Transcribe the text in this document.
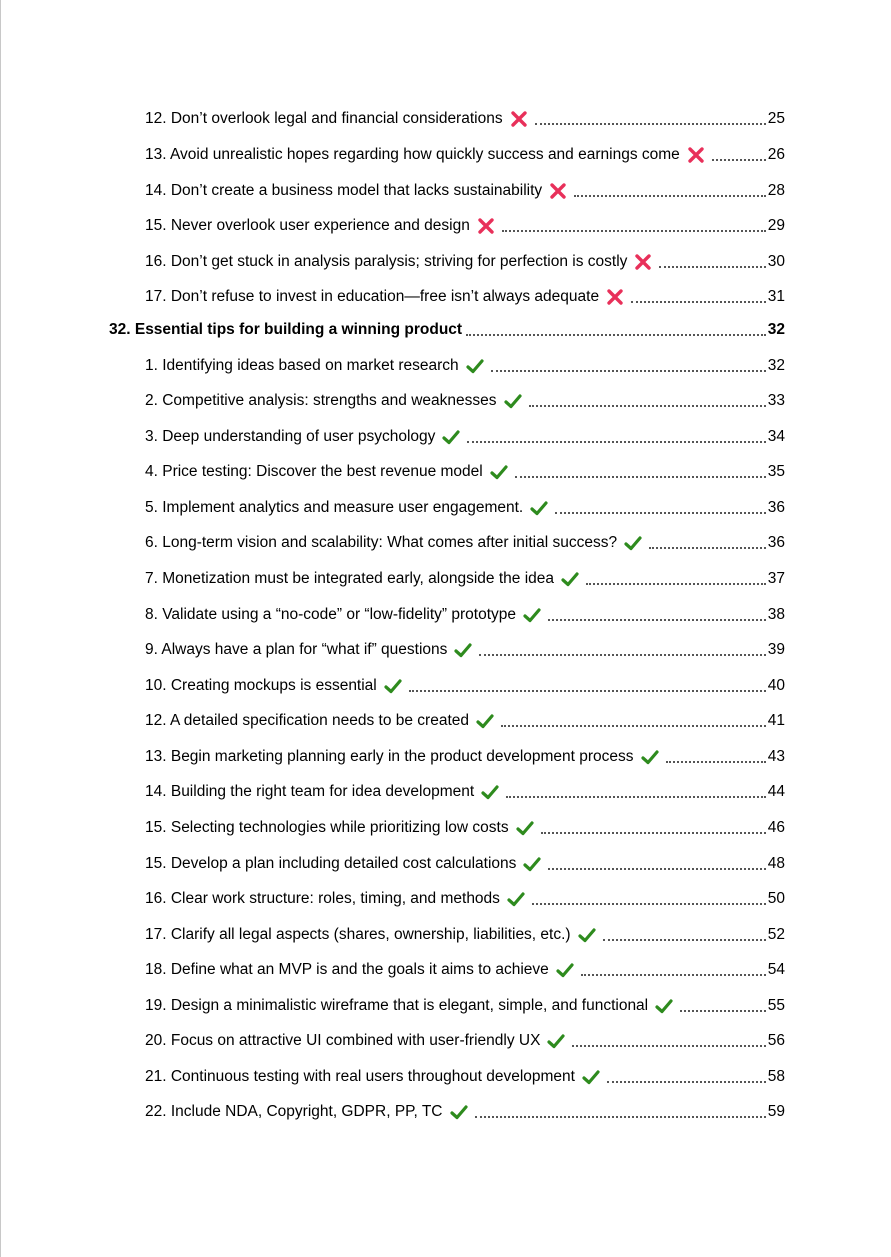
12. Don’t overlook legal and financial considerations	25
13. Avoid unrealistic hopes regarding how quickly success and earnings come	26
14. Don’t create a business model that lacks sustainability	28
15. Never overlook user experience and design	29
16. Don’t get stuck in analysis paralysis; striving for perfection is costly	30
17. Don’t refuse to invest in education—free isn’t always adequate	31
32. Essential tips for building a winning product	32
1. Identifying ideas based on market research	32
2. Competitive analysis: strengths and weaknesses	33
3. Deep understanding of user psychology	34
4. Price testing: Discover the best revenue model	35
5. Implement analytics and measure user engagement.	36
6. Long-term vision and scalability: What comes after initial success?	36
7. Monetization must be integrated early, alongside the idea	37
8. Validate using a “no-code” or “low-fidelity” prototype	38
9. Always have a plan for “what if” questions	39
10. Creating mockups is essential	40
12. A detailed specification needs to be created	41
13. Begin marketing planning early in the product development process	43
14. Building the right team for idea development	44
15. Selecting technologies while prioritizing low costs	46
15. Develop a plan including detailed cost calculations	48
16. Clear work structure: roles, timing, and methods	50
17. Clarify all legal aspects (shares, ownership, liabilities, etc.)	52
18. Define what an MVP is and the goals it aims to achieve	54
19. Design a minimalistic wireframe that is elegant, simple, and functional	55
20. Focus on attractive UI combined with user-friendly UX	56
21. Continuous testing with real users throughout development	58
22. Include NDA, Copyright, GDPR, PP, TC	59
